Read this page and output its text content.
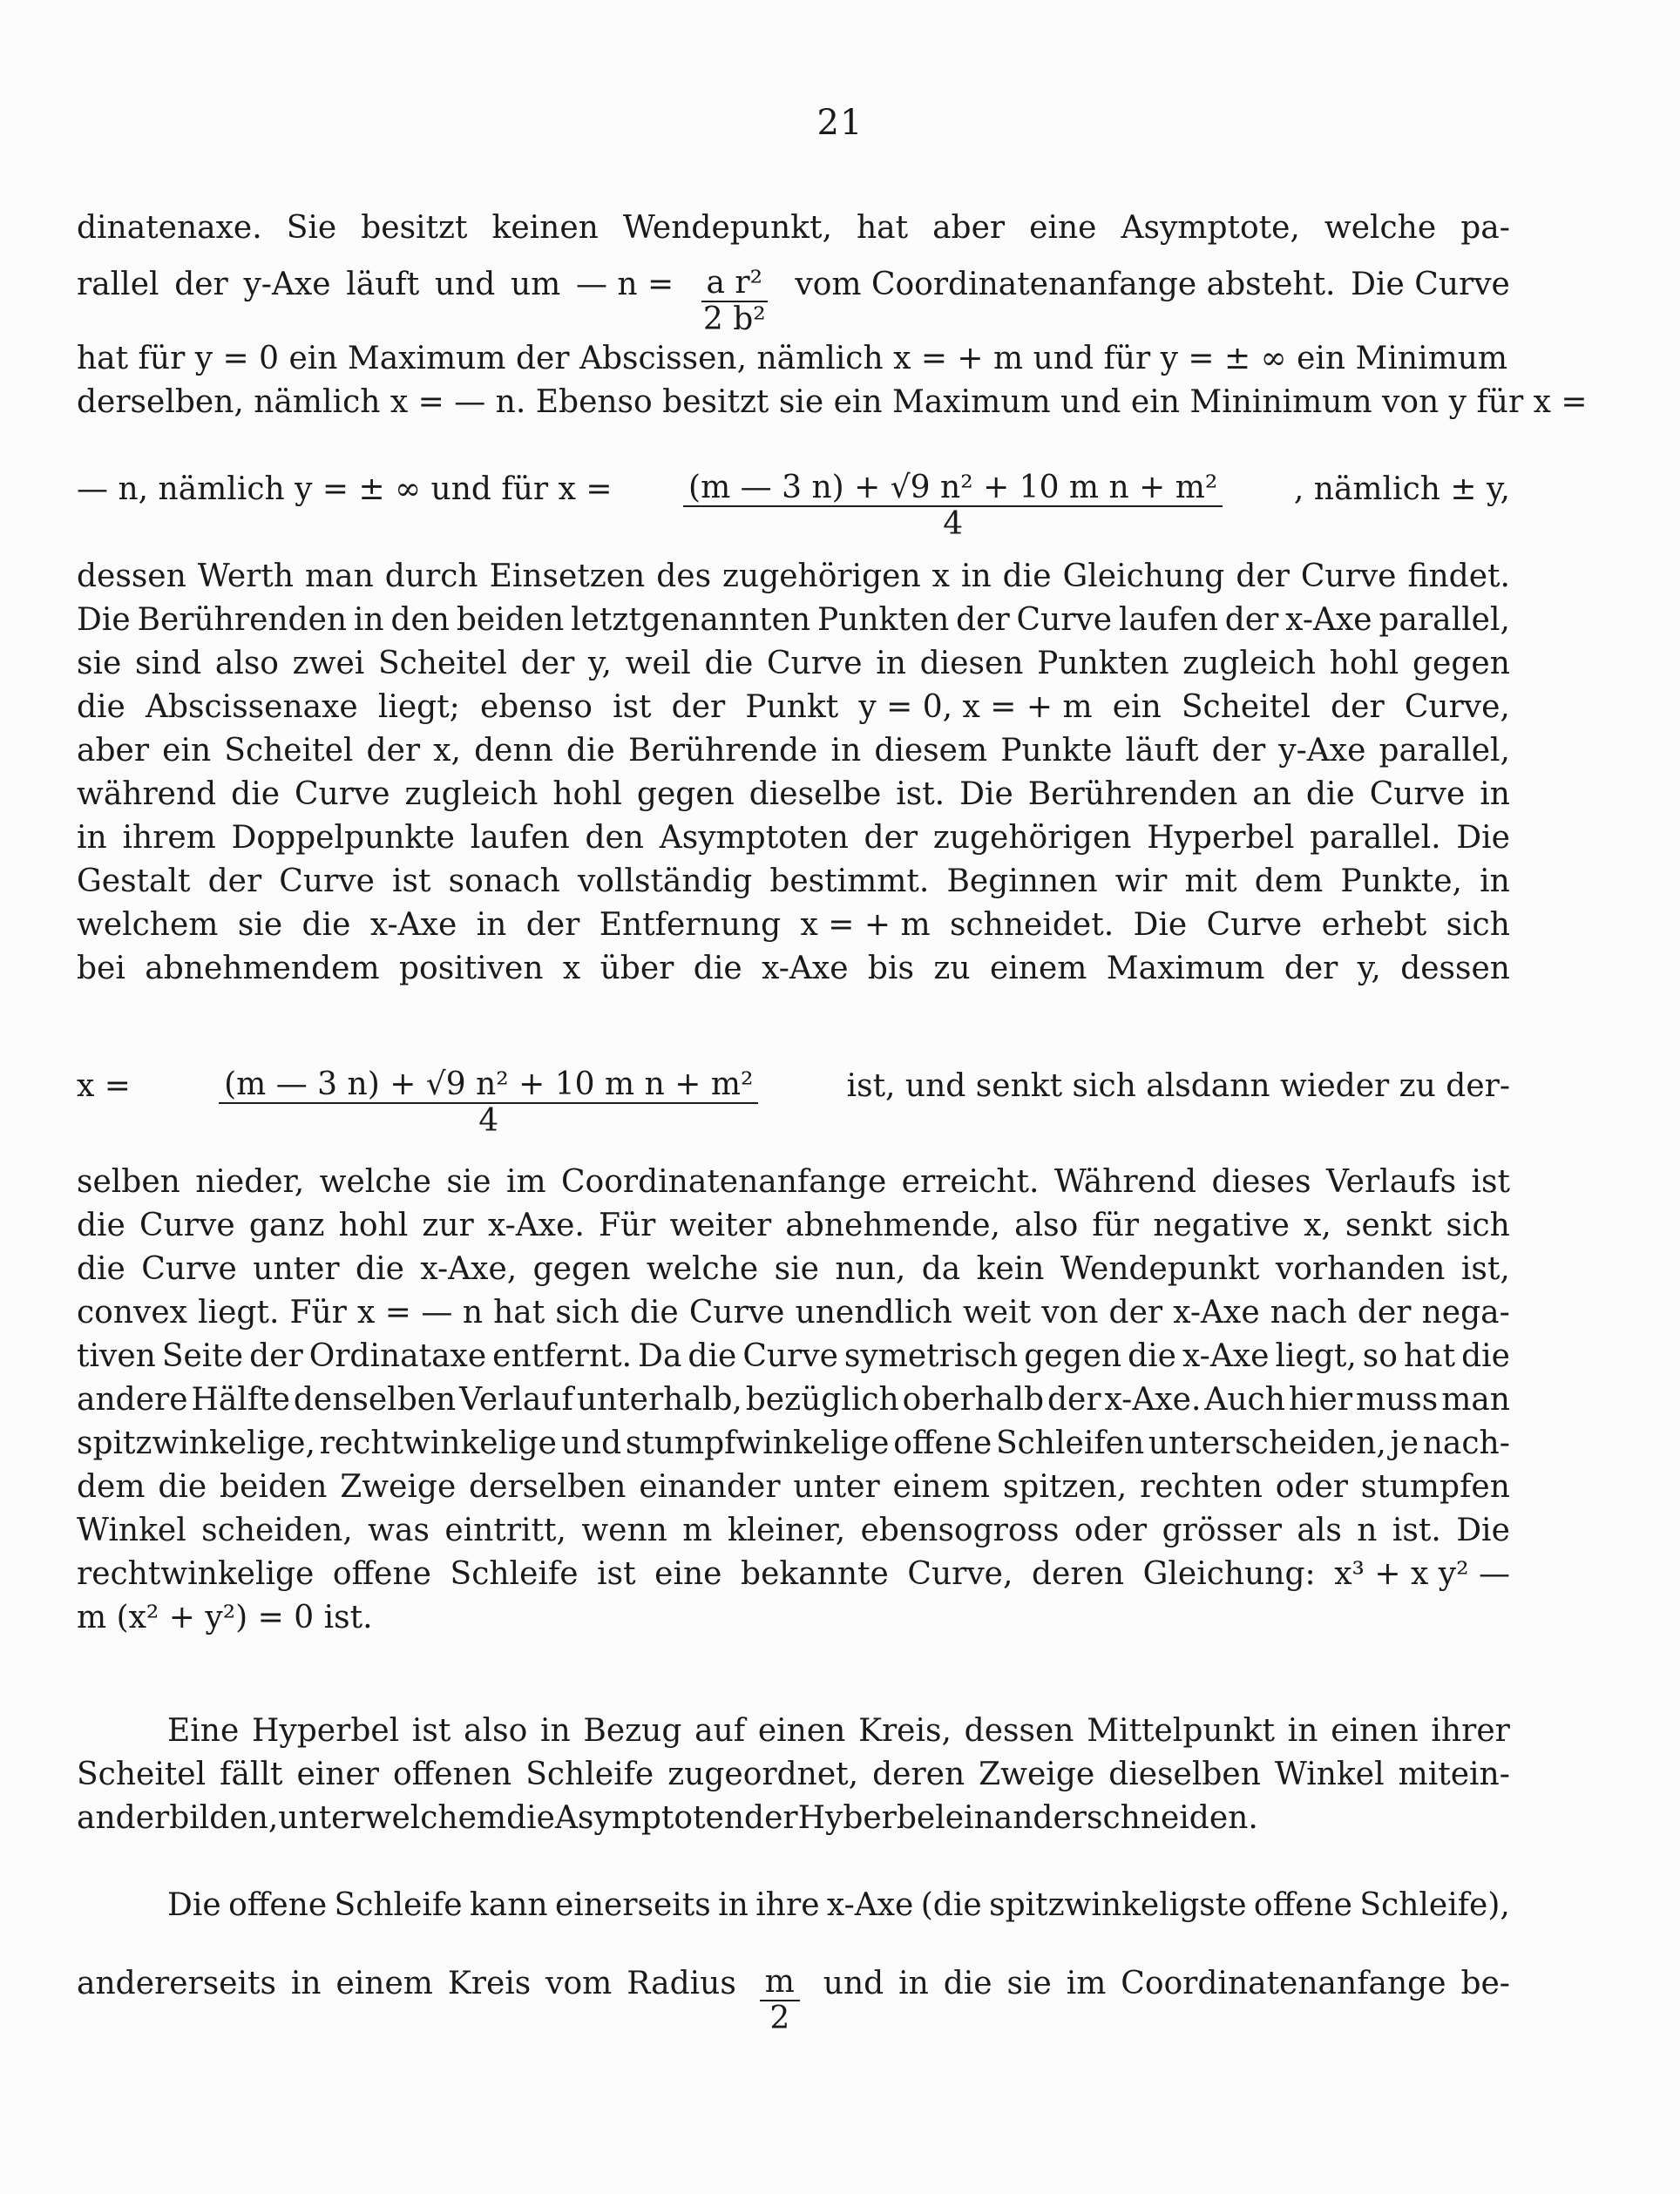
21
dinatenaxe. Sie besitzt keinen Wendepunkt, hat aber eine Asymptote, welche pa-
rallel der y-Axe läuft und um — $n = \frac{\text{a r²}}{\text{2 b²}}$ vom Coordinatenanfange absteht. Die Curve
hat für y = 0 ein Maximum der Abscissen, nämlich x = + m und für y = ± ∞ ein Minimum
derselben, nämlich x = — n. Ebenso besitzt sie ein Maximum und ein Mininimum von y für x =
— n, nämlich y = ± ∞ und für $x = \frac{\text{(m — 3 n) + √9 n² + 10 m n + m²}}{4}$ , nämlich ± y,
dessen Werth man durch Einsetzen des zugehörigen x in die Gleichung der Curve findet.
Die Berührenden in den beiden letztgenannten Punkten der Curve laufen der x-Axe parallel,
sie sind also zwei Scheitel der y, weil die Curve in diesen Punkten zugleich hohl gegen
die Abscissenaxe liegt; ebenso ist der Punkt y = 0, x = + m ein Scheitel der Curve,
aber ein Scheitel der x, denn die Berührende in diesem Punkte läuft der y-Axe parallel,
während die Curve zugleich hohl gegen dieselbe ist. Die Berührenden an die Curve in
in ihrem Doppelpunkte laufen den Asymptoten der zugehörigen Hyperbel parallel. Die
Gestalt der Curve ist sonach vollständig bestimmt. Beginnen wir mit dem Punkte, in
welchem sie die x-Axe in der Entfernung x = + m schneidet. Die Curve erhebt sich
bei abnehmendem positiven x über die x-Axe bis zu einem Maximum der y, dessen
x =	$\frac{\text{(m — 3 n) + √9 n² + 10 m n + m²}}{4}$	ist, und senkt sich alsdann wieder zu der-
selben nieder, welche sie im Coordinatenanfange erreicht. Während dieses Verlaufs ist
die Curve ganz hohl zur x-Axe. Für weiter abnehmende, also für negative x, senkt sich
die Curve unter die x-Axe, gegen welche sie nun, da kein Wendepunkt vorhanden ist,
convex liegt. Für x = — n hat sich die Curve unendlich weit von der x-Axe nach der nega-
tiven Seite der Ordinataxe entfernt. Da die Curve symetrisch gegen die x-Axe liegt, so hat die
andere Hälfte denselben Verlauf unterhalb, bezüglich oberhalb der x-Axe. Auch hier muss man
spitzwinkelige, rechtwinkelige und stumpfwinkelige offene Schleifen unterscheiden, je nach-
dem die beiden Zweige derselben einander unter einem spitzen, rechten oder stumpfen
Winkel scheiden, was eintritt, wenn m kleiner, ebensogross oder grösser als n ist. Die
rechtwinkelige offene Schleife ist eine bekannte Curve, deren Gleichung: x³ + x y² —
m (x² + y²) = 0 ist.
Eine Hyperbel ist also in Bezug auf einen Kreis, dessen Mittelpunkt in einen ihrer
Scheitel fällt einer offenen Schleife zugeordnet, deren Zweige dieselben Winkel mitein-
ander bilden, unter welchem die Asymptoten der Hyberbel einander schneiden.
Die offene Schleife kann einerseits in ihre x-Axe (die spitzwinkeligste offene Schleife),
andererseits in einem Kreis vom Radius $\frac{m}{2}$ und in die sie im Coordinatenanfange be-
